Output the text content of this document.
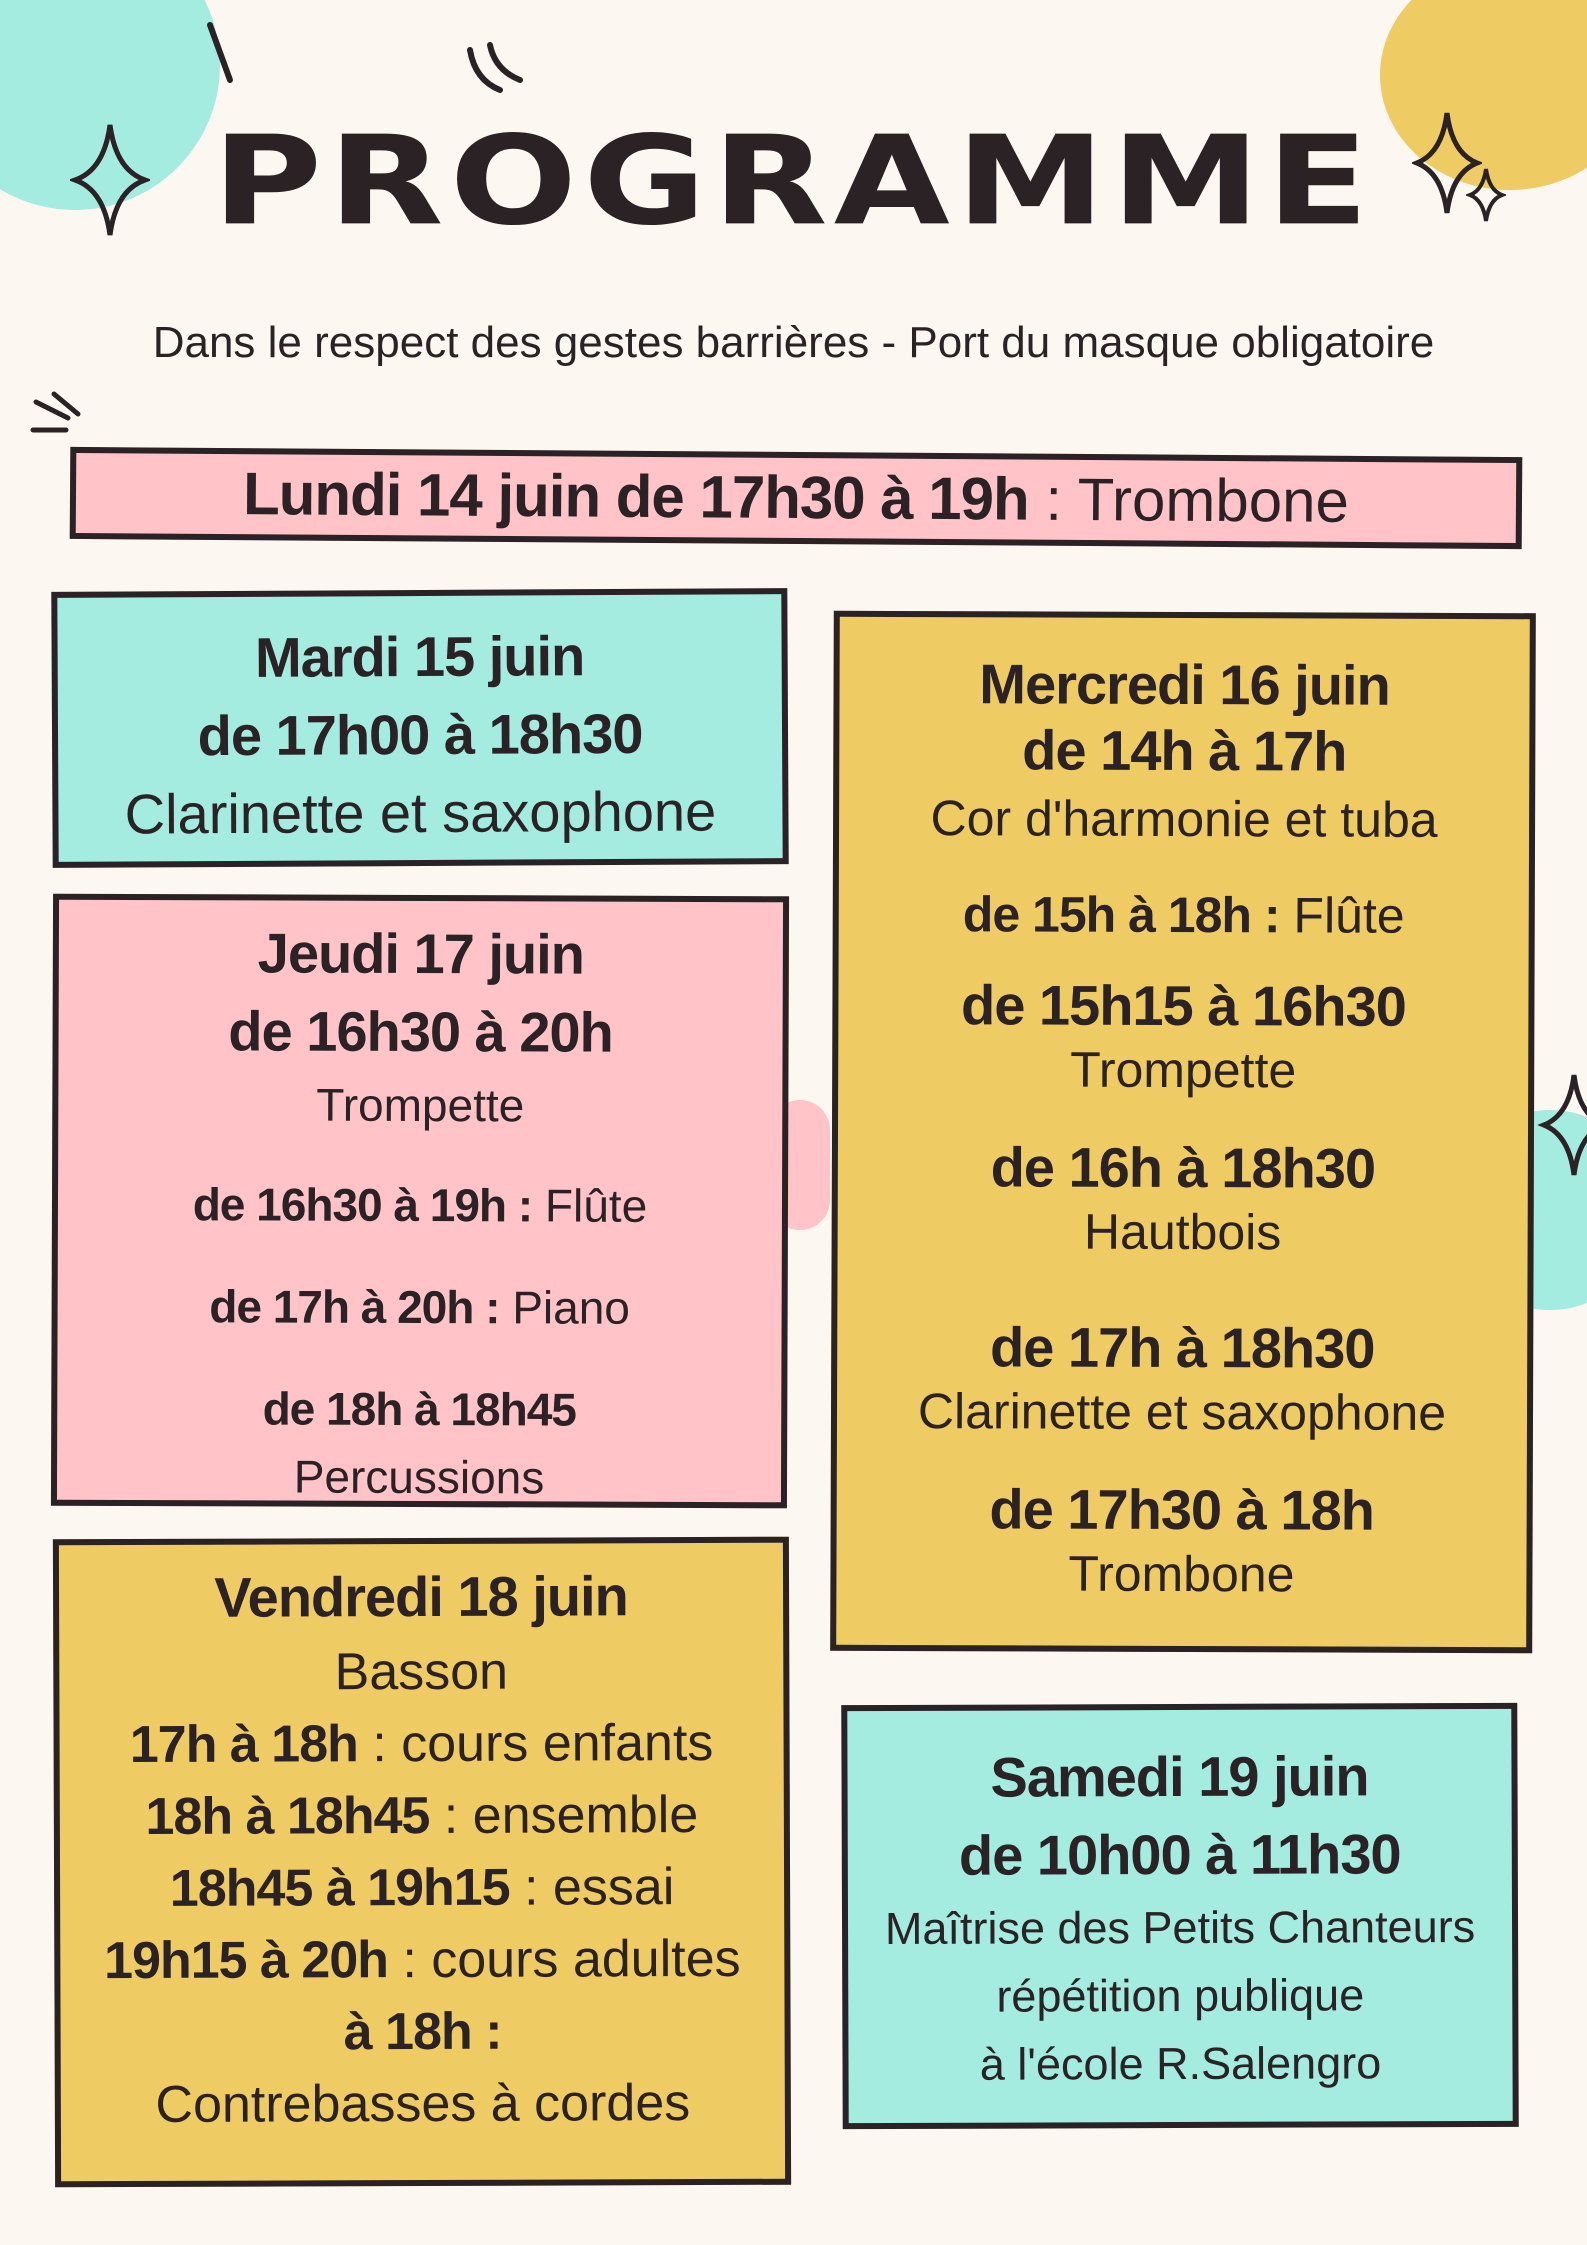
PROGRAMME
Dans le respect des gestes barrières - Port du masque obligatoire
Lundi 14 juin de 17h30 à 19h : Trombone
Mardi 15 juin
de 17h00 à 18h30
Clarinette et saxophone
Jeudi 17 juin
de 16h30 à 20h
Trompette
de 16h30 à 19h : Flûte
de 17h à 20h : Piano
de 18h à 18h45
Percussions
Vendredi 18 juin
Basson
17h à 18h : cours enfants
18h à 18h45 : ensemble
18h45 à 19h15 : essai
19h15 à 20h : cours adultes
à 18h :
Contrebasses à cordes
Mercredi 16 juin
de 14h à 17h
Cor d'harmonie et tuba
de 15h à 18h : Flûte
de 15h15 à 16h30
Trompette
de 16h à 18h30
Hautbois
de 17h à 18h30
Clarinette et saxophone
de 17h30 à 18h
Trombone
Samedi 19 juin
de 10h00 à 11h30
Maîtrise des Petits Chanteurs
répétition publique
à l'école R.Salengro
